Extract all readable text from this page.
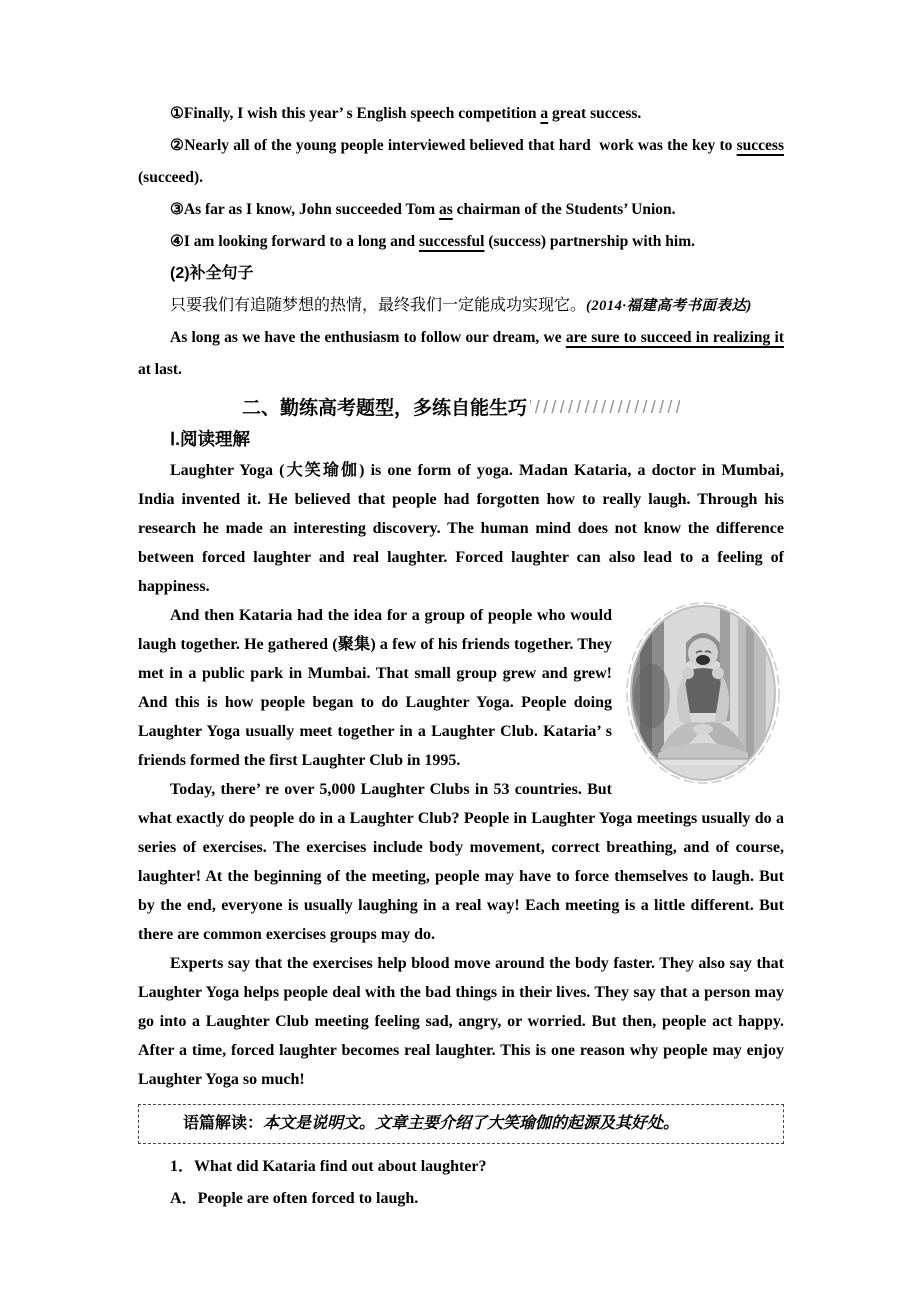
①Finally, I wish this year’ s English speech competition a great success.

②Nearly all of the young people interviewed believed that hard  work was the key to success (succeed).

③As far as I know, John succeeded Tom as chairman of the Students’ Union.

④I am looking forward to a long and successful (success) partnership with him.

(2)补全句子

只要我们有追随梦想的热情，最终我们一定能成功实现它。(2014·福建高考书面表达)

As long as we have the enthusiasm to follow our dream, we are sure to succeed in realizing it at last.

二、勤练高考题型，多练自能生巧

Ⅰ.阅读理解

Laughter Yoga (大笑瑜伽) is one form of yoga. Madan Kataria, a doctor in Mumbai, India invented it. He believed that people had forgotten how to really laugh. Through his research he made an interesting discovery. The human mind does not know the difference between forced laughter and real laughter. Forced laughter can also lead to a feeling of happiness.

And then Kataria had the idea for a group of people who would laugh together. He gathered (聚集) a few of his friends together. They met in a public park in Mumbai. That small group grew and grew! And this is how people began to do Laughter Yoga. People doing Laughter Yoga usually meet together in a Laughter Club. Kataria’ s friends formed the first Laughter Club in 1995.

Today, there’ re over 5,000 Laughter Clubs in 53 countries. But what exactly do people do in a Laughter Club? People in Laughter Yoga meetings usually do a series of exercises. The exercises include body movement, correct breathing, and of course, laughter! At the beginning of the meeting, people may have to force themselves to laugh. But by the end, everyone is usually laughing in a real way! Each meeting is a little different. But there are common exercises groups may do.

Experts say that the exercises help blood move around the body faster. They also say that Laughter Yoga helps people deal with the bad things in their lives. They say that a person may go into a Laughter Club meeting feeling sad, angry, or worried. But then, people act happy. After a time, forced laughter becomes real laughter. This is one reason why people may enjoy Laughter Yoga so much!

语篇解读：本文是说明文。文章主要介绍了大笑瑜伽的起源及其好处。

1．What did Kataria find out about laughter?

A．People are often forced to laugh.
